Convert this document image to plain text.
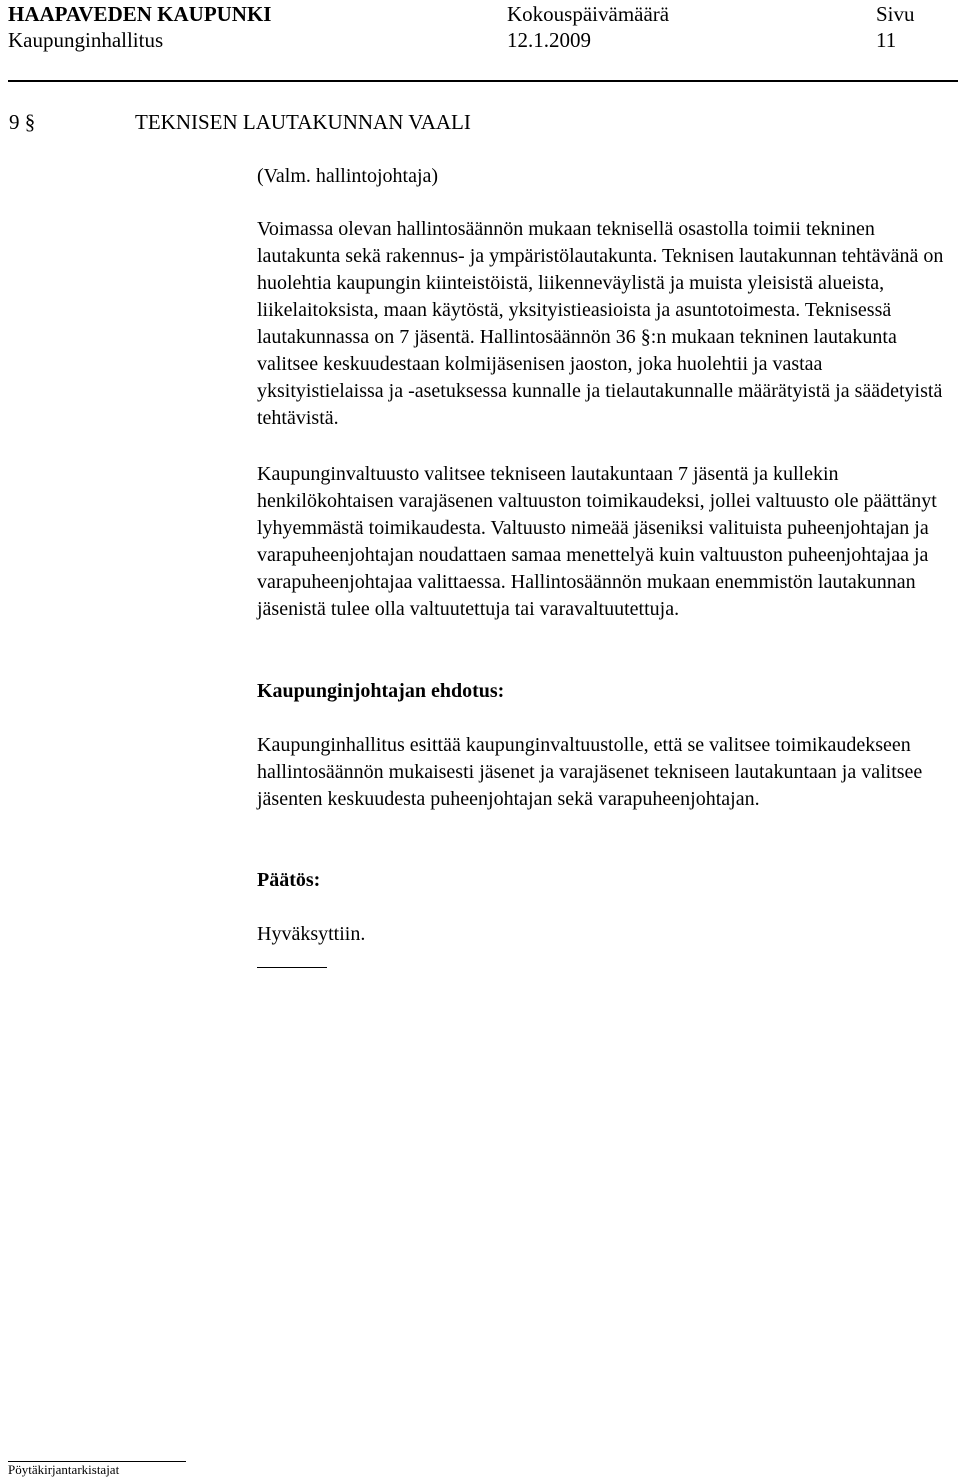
HAAPAVEDEN KAUPUNKI
Kaupunginhallitus
Kokouspäivämäärä
12.1.2009
Sivu
11
9 §	TEKNISEN LAUTAKUNNAN VAALI

(Valm. hallintojohtaja)

Voimassa olevan hallintosäännön mukaan teknisellä osastolla toimii tekninen lautakunta sekä rakennus- ja ympäristölautakunta. Teknisen lautakunnan tehtävänä on huolehtia kaupungin kiinteistöistä, liikenneväylistä ja muista yleisistä alueista, liikelaitoksista, maan käytöstä, yksityistieasioista ja asuntotoimesta. Teknisessä lautakunnassa on 7 jäsentä. Hallintosäännön 36 §:n mukaan tekninen lautakunta valitsee keskuudestaan kolmijäsenisen jaoston, joka huolehtii ja vastaa yksityistielaissa ja -asetuksessa kunnalle ja tielautakunnalle määrätyistä ja säädetyistä tehtävistä.

Kaupunginvaltuusto valitsee tekniseen lautakuntaan 7 jäsentä ja kullekin henkilökohtaisen varajäsenen valtuuston toimikaudeksi, jollei valtuusto ole päättänyt lyhyemmästä toimikaudesta. Valtuusto nimeää jäseniksi valituista puheenjohtajan ja varapuheenjohtajan noudattaen samaa menettelyä kuin valtuuston puheenjohtajaa ja varapuheenjohtajaa valittaessa. Hallintosäännön mukaan enemmistön lautakunnan jäsenistä tulee olla valtuutettuja tai varavaltuutettuja.

Kaupunginjohtajan ehdotus:

Kaupunginhallitus esittää kaupunginvaltuustolle, että se valitsee toimikaudekseen hallintosäännön mukaisesti jäsenet ja varajäsenet tekniseen lautakuntaan ja valitsee jäsenten keskuudesta puheenjohtajan sekä varapuheenjohtajan.

Päätös:

Hyväksyttiin.

Pöytäkirjantarkistajat
